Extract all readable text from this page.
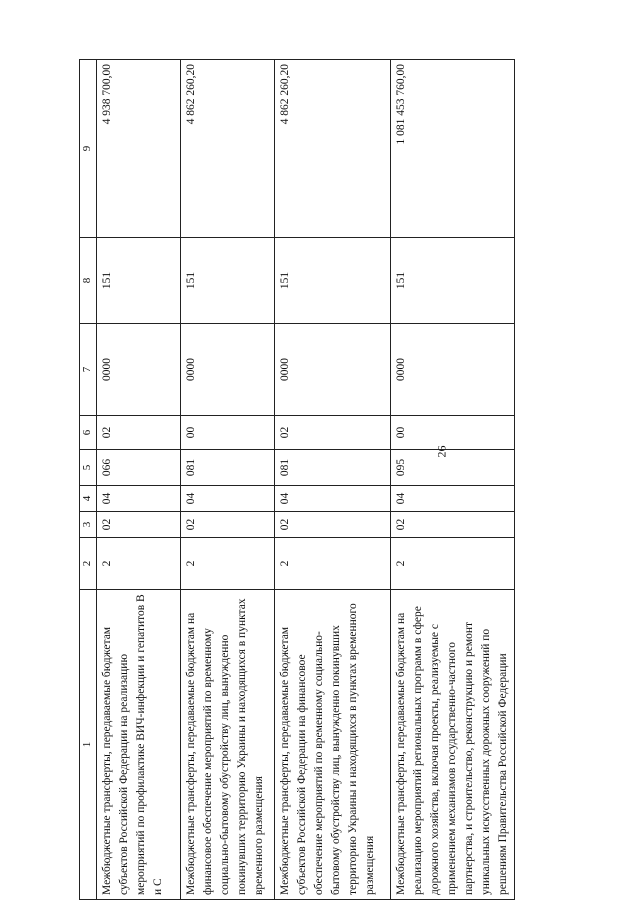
26
1	2	3	4	5	6	7	8	9
Межбюджетные трансферты, передаваемые бюджетам субъектов Российской Федерации на реализацию мероприятий по профилактике ВИЧ-инфекции и гепатитов B и C	2	02	04	066	02	0000	151	4 938 700,00
Межбюджетные трансферты, передаваемые бюджетам на финансовое обеспечение мероприятий по временному социально-бытовому обустройству лиц, вынужденно покинувших территорию Украины и находящихся в пунктах временного размещения	2	02	04	081	00	0000	151	4 862 260,20
Межбюджетные трансферты, передаваемые бюджетам субъектов Российской Федерации на финансовое обеспечение мероприятий по временному социально-бытовому обустройству лиц, вынужденно покинувших территорию Украины и находящихся в пунктах временного размещения	2	02	04	081	02	0000	151	4 862 260,20
Межбюджетные трансферты, передаваемые бюджетам на реализацию мероприятий региональных программ в сфере дорожного хозяйства, включая проекты, реализуемые с применением механизмов государственно-частного партнерства, и строительство, реконструкцию и ремонт уникальных искусственных дорожных сооружений по решениям Правительства Российской Федерации	2	02	04	095	00	0000	151	1 081 453 760,00
